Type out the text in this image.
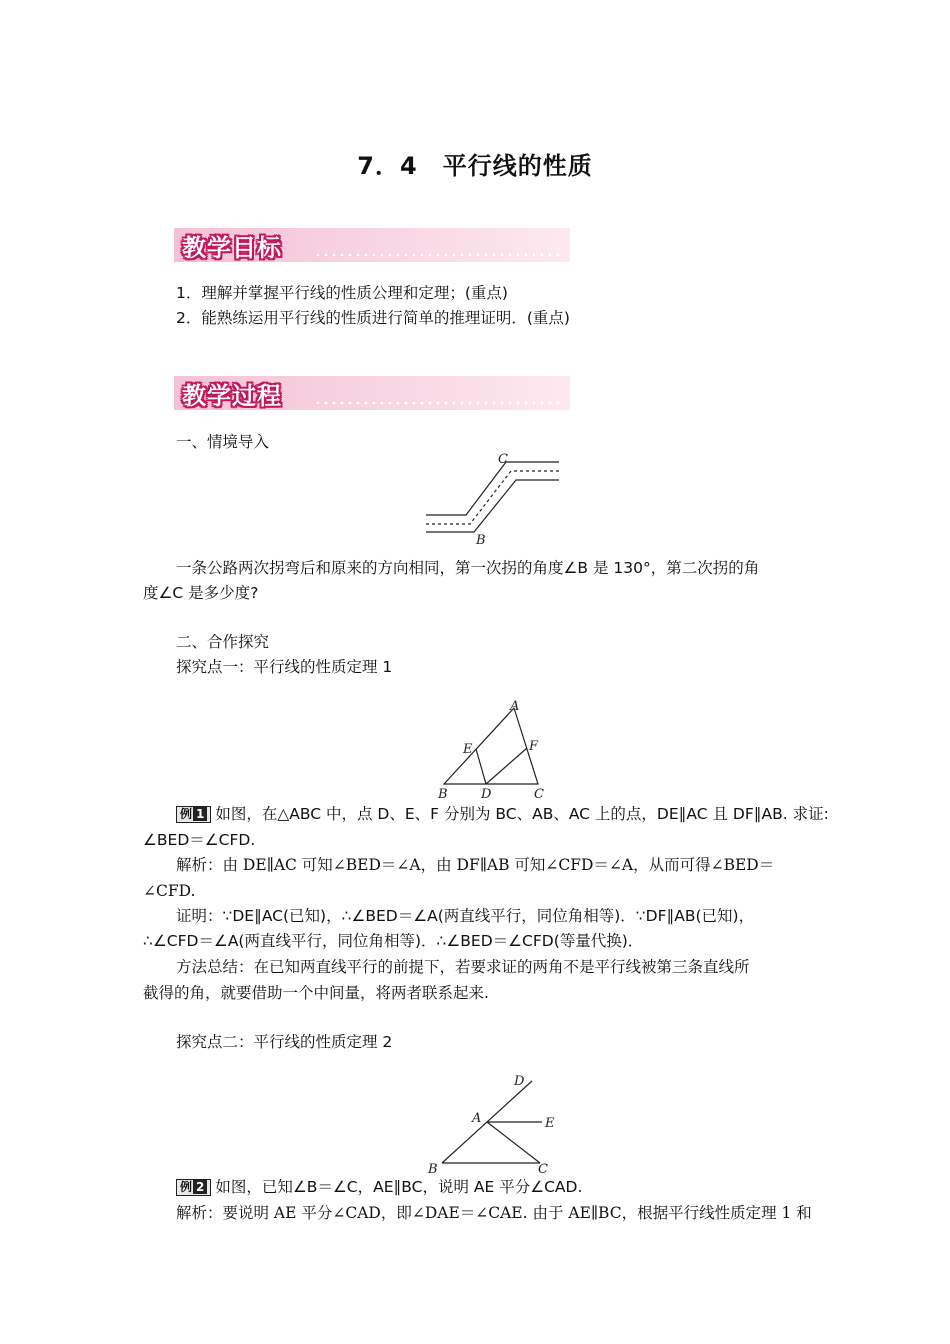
7．4　平行线的性质
教学目标
1．理解并掌握平行线的性质公理和定理；(重点)
2．能熟练运用平行线的性质进行简单的推理证明．(重点)
教学过程
一、情境导入
C
B
一条公路两次拐弯后和原来的方向相同，第一次拐的角度∠B 是 130°，第二次拐的角
度∠C 是多少度?
二、合作探究
探究点一：平行线的性质定理 1
A
E	F
B	D	C
例 1 如图，在△ABC 中，点 D、E、F 分别为 BC、AB、AC 上的点，DE∥AC 且 DF∥AB. 求证:
∠BED＝∠CFD.
解析：由 DE∥AC 可知∠BED＝∠A，由 DF∥AB 可知∠CFD＝∠A，从而可得∠BED＝
∠CFD.
证明：∵DE∥AC(已知)，∴∠BED＝∠A(两直线平行，同位角相等)．∵DF∥AB(已知)，
∴∠CFD＝∠A(两直线平行，同位角相等)．∴∠BED＝∠CFD(等量代换)．
方法总结：在已知两直线平行的前提下，若要求证的两角不是平行线被第三条直线所
截得的角，就要借助一个中间量，将两者联系起来.
探究点二：平行线的性质定理 2
D
A	E
B	C
例 2 如图，已知∠B＝∠C，AE∥BC，说明 AE 平分∠CAD.
解析：要说明 AE 平分∠CAD，即∠DAE＝∠CAE. 由于 AE∥BC，根据平行线性质定理 1 和
